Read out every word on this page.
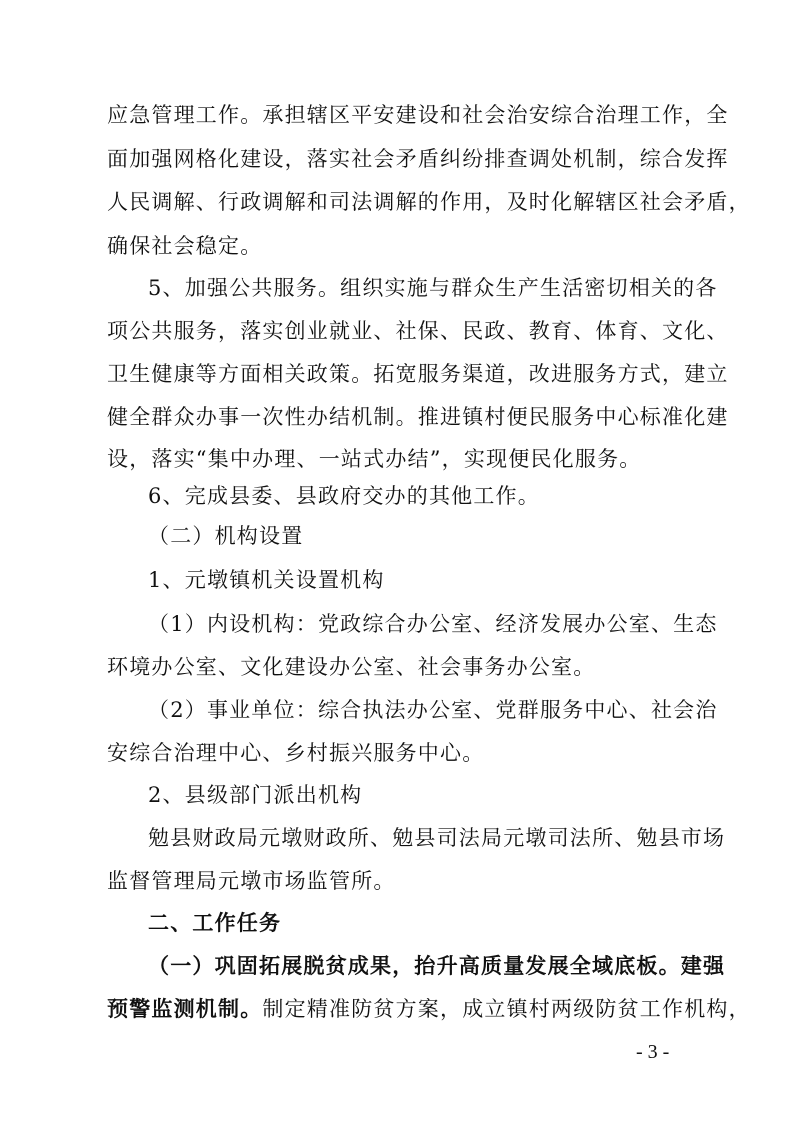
应急管理工作。承担辖区平安建设和社会治安综合治理工作，全
面加强网格化建设，落实社会矛盾纠纷排查调处机制，综合发挥
人民调解、行政调解和司法调解的作用，及时化解辖区社会矛盾，
确保社会稳定。
5、加强公共服务。组织实施与群众生产生活密切相关的各
项公共服务，落实创业就业、社保、民政、教育、体育、文化、
卫生健康等方面相关政策。拓宽服务渠道，改进服务方式，建立
健全群众办事一次性办结机制。推进镇村便民服务中心标准化建
设，落实“集中办理、一站式办结”，实现便民化服务。
6、完成县委、县政府交办的其他工作。
（二）机构设置
1、元墩镇机关设置机构
（1）内设机构：党政综合办公室、经济发展办公室、生态
环境办公室、文化建设办公室、社会事务办公室。
（2）事业单位：综合执法办公室、党群服务中心、社会治
安综合治理中心、乡村振兴服务中心。
2、县级部门派出机构
勉县财政局元墩财政所、勉县司法局元墩司法所、勉县市场
监督管理局元墩市场监管所。
二、工作任务
（一）巩固拓展脱贫成果，抬升高质量发展全域底板。建强
预警监测机制。制定精准防贫方案，成立镇村两级防贫工作机构，
- 3 -
